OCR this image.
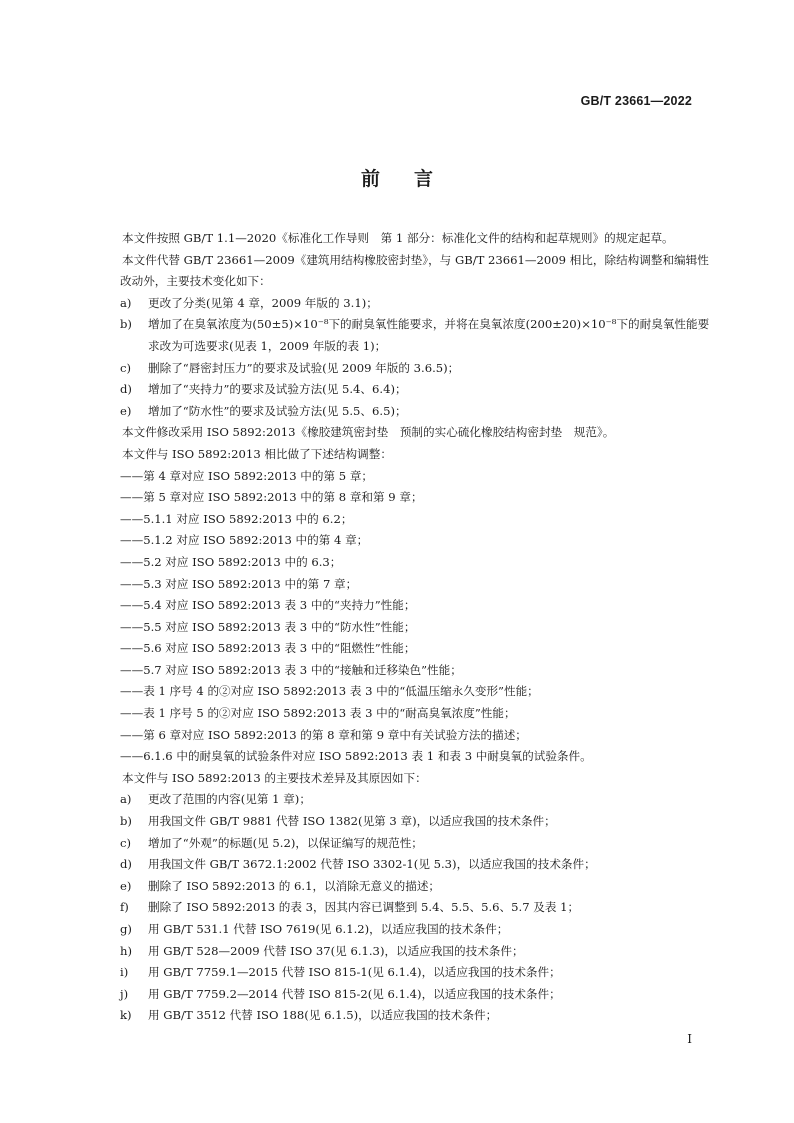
GB/T 23661—2022
前言

本文件按照 GB/T 1.1—2020《标准化工作导则　第 1 部分：标准化文件的结构和起草规则》的规定起草。

本文件代替 GB/T 23661—2009《建筑用结构橡胶密封垫》，与 GB/T 23661—2009 相比，除结构调整和编辑性改动外，主要技术变化如下：

a)	更改了分类(见第 4 章，2009 年版的 3.1)；
b)	增加了在臭氧浓度为(50±5)×10⁻⁸下的耐臭氧性能要求，并将在臭氧浓度(200±20)×10⁻⁸下的耐臭氧性能要求改为可选要求(见表 1，2009 年版的表 1)；
c)	删除了“唇密封压力”的要求及试验(见 2009 年版的 3.6.5)；
d)	增加了“夹持力”的要求及试验方法(见 5.4、6.4)；
e)	增加了“防水性”的要求及试验方法(见 5.5、6.5)；

本文件修改采用 ISO 5892:2013《橡胶建筑密封垫　预制的实心硫化橡胶结构密封垫　规范》。

本文件与 ISO 5892:2013 相比做了下述结构调整：

——第 4 章对应 ISO 5892:2013 中的第 5 章；

——第 5 章对应 ISO 5892:2013 中的第 8 章和第 9 章；

——5.1.1 对应 ISO 5892:2013 中的 6.2；

——5.1.2 对应 ISO 5892:2013 中的第 4 章；

——5.2 对应 ISO 5892:2013 中的 6.3；

——5.3 对应 ISO 5892:2013 中的第 7 章；

——5.4 对应 ISO 5892:2013 表 3 中的“夹持力”性能；

——5.5 对应 ISO 5892:2013 表 3 中的“防水性”性能；

——5.6 对应 ISO 5892:2013 表 3 中的“阻燃性”性能；

——5.7 对应 ISO 5892:2013 表 3 中的“接触和迁移染色”性能；

——表 1 序号 4 的②对应 ISO 5892:2013 表 3 中的“低温压缩永久变形”性能；

——表 1 序号 5 的②对应 ISO 5892:2013 表 3 中的“耐高臭氧浓度”性能；

——第 6 章对应 ISO 5892:2013 的第 8 章和第 9 章中有关试验方法的描述；

——6.1.6 中的耐臭氧的试验条件对应 ISO 5892:2013 表 1 和表 3 中耐臭氧的试验条件。

本文件与 ISO 5892:2013 的主要技术差异及其原因如下：

a)	更改了范围的内容(见第 1 章)；
b)	用我国文件 GB/T 9881 代替 ISO 1382(见第 3 章)，以适应我国的技术条件；
c)	增加了“外观”的标题(见 5.2)，以保证编写的规范性；
d)	用我国文件 GB/T 3672.1:2002 代替 ISO 3302-1(见 5.3)，以适应我国的技术条件；
e)	删除了 ISO 5892:2013 的 6.1，以消除无意义的描述；
f)	删除了 ISO 5892:2013 的表 3，因其内容已调整到 5.4、5.5、5.6、5.7 及表 1；
g)	用 GB/T 531.1 代替 ISO 7619(见 6.1.2)，以适应我国的技术条件；
h)	用 GB/T 528—2009 代替 ISO 37(见 6.1.3)，以适应我国的技术条件；
i)	用 GB/T 7759.1—2015 代替 ISO 815-1(见 6.1.4)，以适应我国的技术条件；
j)	用 GB/T 7759.2—2014 代替 ISO 815-2(见 6.1.4)，以适应我国的技术条件；
k)	用 GB/T 3512 代替 ISO 188(见 6.1.5)，以适应我国的技术条件；
I
